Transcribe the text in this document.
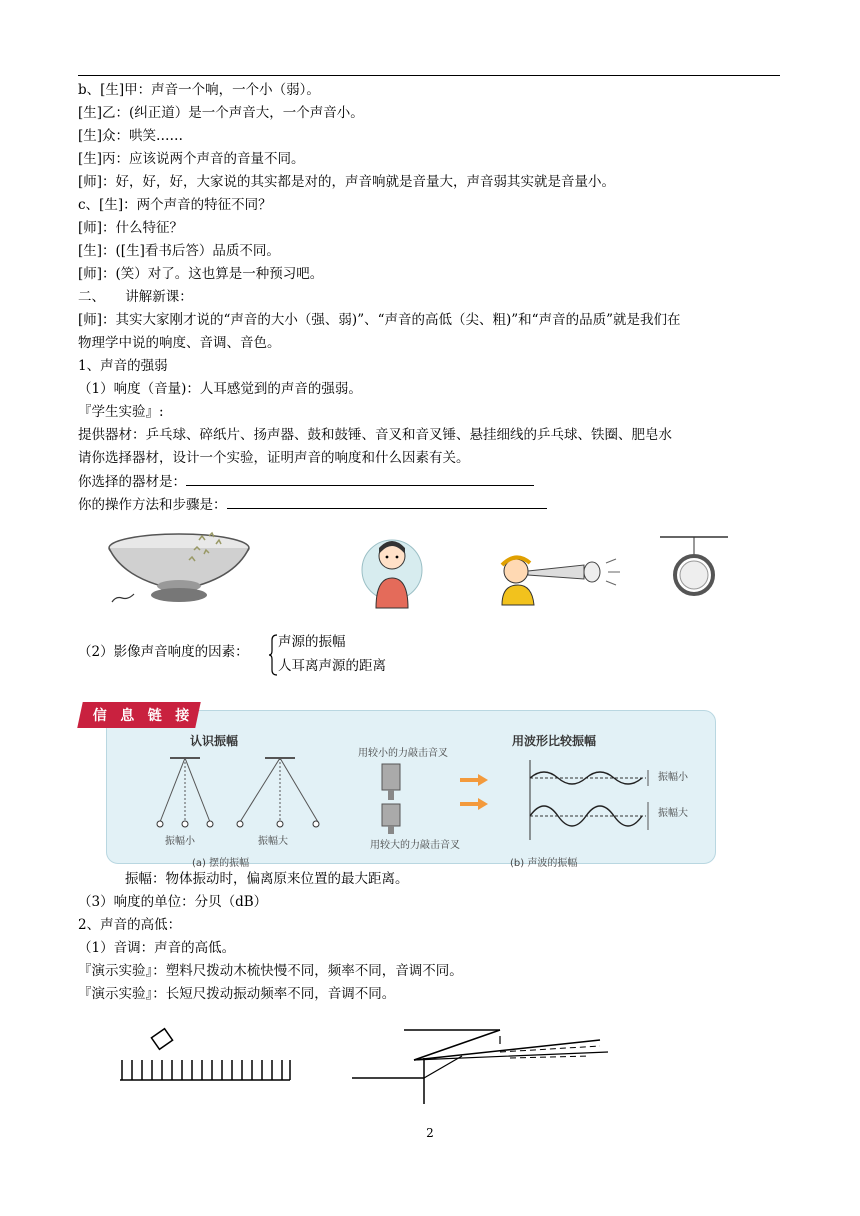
b、[生]甲：声音一个响，一个小（弱）。
[生]乙：(纠正道）是一个声音大，一个声音小。
[生]众：哄笑……
[生]丙：应该说两个声音的音量不同。
[师]：好，好，好，大家说的其实都是对的，声音响就是音量大，声音弱其实就是音量小。
c、[生]：两个声音的特征不同？
[师]：什么特征？
[生]：([生]看书后答）品质不同。
[师]：(笑）对了。这也算是一种预习吧。
二、　　讲解新课：
[师]：其实大家刚才说的“声音的大小（强、弱)”、“声音的高低（尖、粗)”和“声音的品质”就是我们在
物理学中说的响度、音调、音色。
1、声音的强弱
（1）响度（音量)：人耳感觉到的声音的强弱。
『学生实验』:
提供器材：乒乓球、碎纸片、扬声器、鼓和鼓锤、音叉和音叉锤、悬挂细线的乒乓球、铁圈、肥皂水
请你选择器材，设计一个实验，证明声音的响度和什么因素有关。
你选择的器材是：
你的操作方法和步骤是：
（2）影像声音响度的因素：
声源的振幅
人耳离声源的距离
信 息 链 接
认识振幅	用波形比较振幅
振幅小	振幅大
用较小的力敲击音叉
用较大的力敲击音叉
振幅小
振幅大
(a) 摆的振幅	(b) 声波的振幅
振幅：物体振动时，偏离原来位置的最大距离。
（3）响度的单位：分贝（dB）
2、声音的高低：
（1）音调：声音的高低。
『演示实验』：塑料尺拨动木梳快慢不同，频率不同，音调不同。
『演示实验』：长短尺拨动振动频率不同，音调不同。
2
